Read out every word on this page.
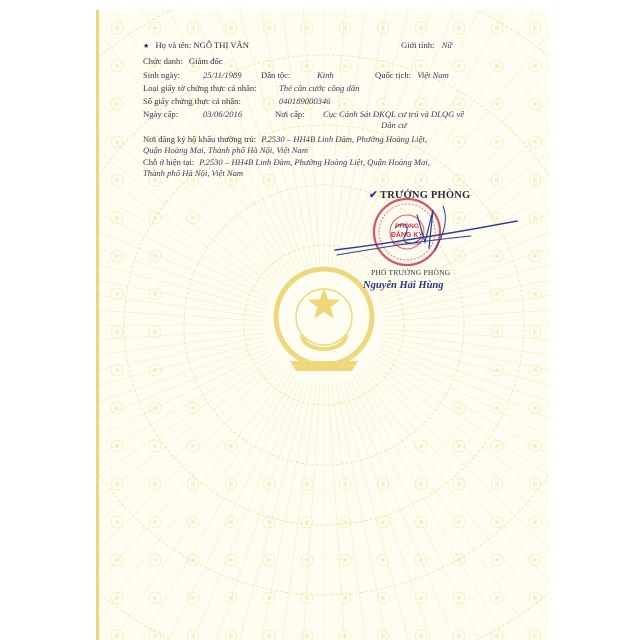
★ Họ và tên: NGÔ THỊ VÂN	Giới tính: Nữ
Chức danh: Giám đốc
Sinh ngày:	25/11/1989 Dân tộc:	Kinh	Quốc tịch: Việt Nam
Loại giấy tờ chứng thực cá nhân:	Thẻ căn cước công dân
Số giấy chứng thực cá nhân:	040189000346
Ngày cấp:	03/06/2016	Nơi cấp: Cục Cảnh Sát ĐKQL cư trú và DLQG về
Dân cư
Nơi đăng ký hộ khẩu thường trú: P.2530 – HH4B Linh Đàm, Phường Hoàng Liệt,
Quận Hoàng Mai, Thành phố Hà Nội, Việt Nam
Chỗ ở hiện tại: P.2530 – HH4B Linh Đàm, Phường Hoàng Liệt, Quận Hoàng Mai,
Thành phố Hà Nội, Việt Nam
✔ TRƯỞNG PHÒNG
PHÒNG
ĐĂNG KÝ
KINH DOANH
PHÓ TRƯỞNG PHÒNG
Nguyễn Hải Hùng
